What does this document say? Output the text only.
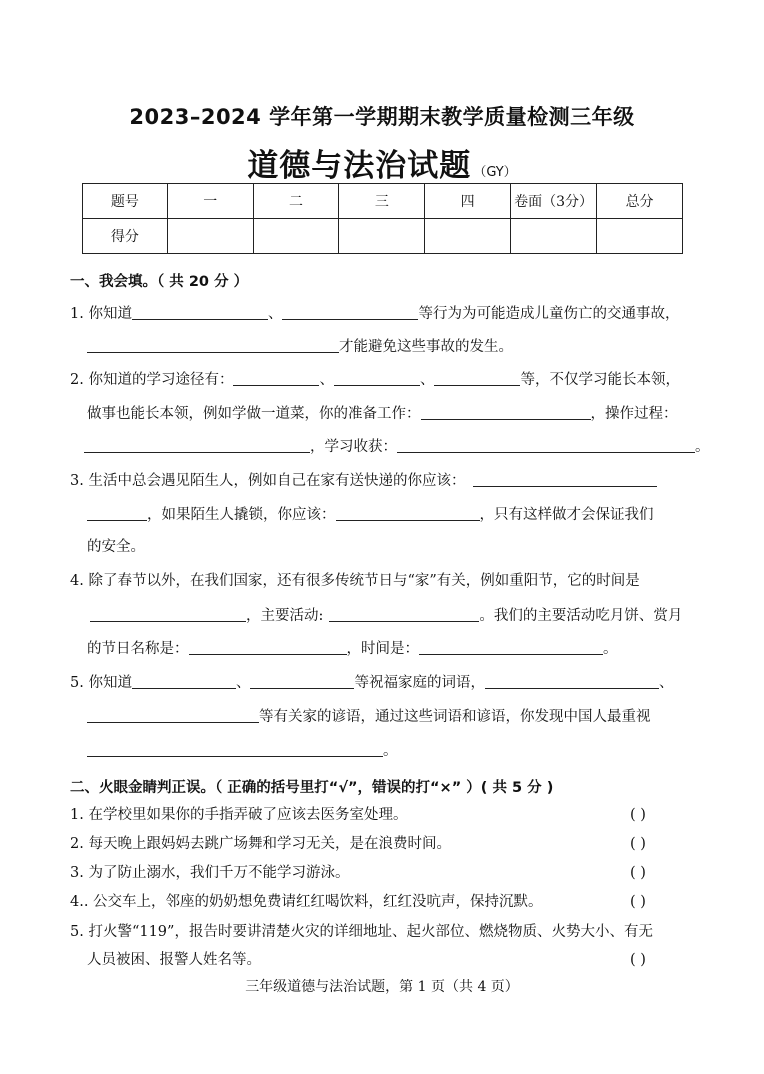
2023–2024 学年第一学期期末教学质量检测三年级
道德与法治试题 （GY）
题号	一	二	三	四	卷面（3分）	总分
得分						
一、我会填。（ 共 20 分 ）
1. 你知道	、	等行为为可能造成儿童伤亡的交通事故，
才能避免这些事故的发生。
2. 你知道的学习途径有：	、	、	等，不仅学习能长本领，
做事也能长本领，例如学做一道菜，你的准备工作：	，操作过程：
，学习收获：	。
3. 生活中总会遇见陌生人，例如自己在家有送快递的你应该：
，如果陌生人撬锁，你应该：	，只有这样做才会保证我们
的安全。
4. 除了春节以外，在我们国家，还有很多传统节日与“家”有关，例如重阳节，它的时间是
，主要活动:	。我们的主要活动吃月饼、赏月
的节日名称是：	，时间是：	。
5. 你知道	、	等祝福家庭的词语，	、
等有关家的谚语，通过这些词语和谚语，你发现中国人最重视
。
二、火眼金睛判正误。（ 正确的括号里打“√”，错误的打“×” ）( 共 5 分 )
1. 在学校里如果你的手指弄破了应该去医务室处理。	( )
2. 每天晚上跟妈妈去跳广场舞和学习无关，是在浪费时间。	( )
3. 为了防止溺水，我们千万不能学习游泳。	( )
4.. 公交车上，邻座的奶奶想免费请红红喝饮料，红红没吭声，保持沉默。	( )
5. 打火警“119”，报告时要讲清楚火灾的详细地址、起火部位、燃烧物质、火势大小、有无
人员被困、报警人姓名等。	( )
三年级道德与法治试题，第 1 页（共 4 页）
